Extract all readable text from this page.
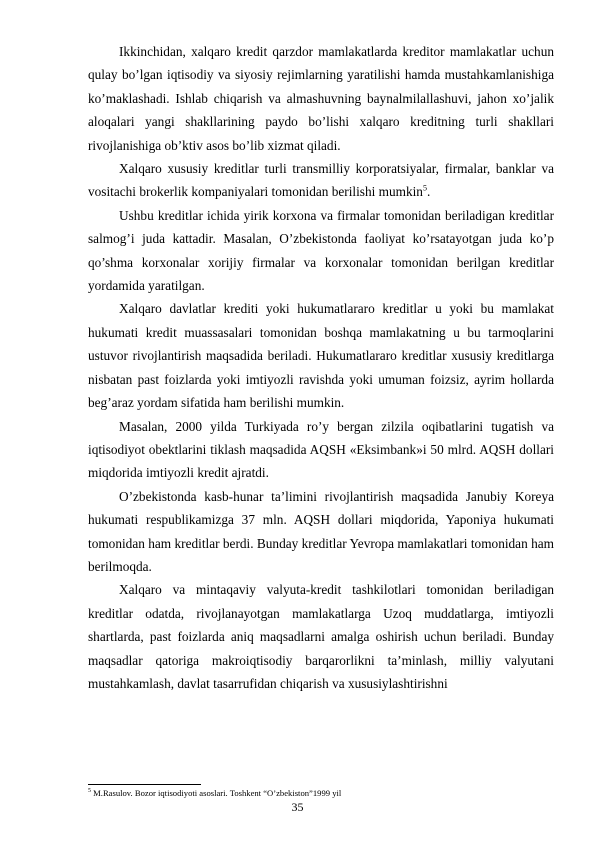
Ikkinchidan, xalqaro kredit qarzdor mamlakatlarda kreditor mamlakatlar uchun qulay bo’lgan iqtisodiy va siyosiy rejimlarning yaratilishi hamda mustahkamlanishiga ko’maklashadi. Ishlab chiqarish va almashuvning baynalmilallashuvi, jahon xo’jalik aloqalari yangi shakllarining paydo bo’lishi xalqaro kreditning turli shakllari rivojlanishiga ob’ktiv asos bo’lib xizmat qiladi.

Xalqaro xususiy kreditlar turli transmilliy korporatsiyalar, firmalar, banklar va vositachi brokerlik kompaniyalari tomonidan berilishi mumkin$^5$.

Ushbu kreditlar ichida yirik korxona va firmalar tomonidan beriladigan kreditlar salmog’i juda kattadir. Masalan, O’zbekistonda faoliyat ko’rsatayotgan juda ko’p qo’shma korxonalar xorijiy firmalar va korxonalar tomonidan berilgan kreditlar yordamida yaratilgan.

Xalqaro davlatlar krediti yoki hukumatlararo kreditlar u yoki bu mamlakat hukumati kredit muassasalari tomonidan boshqa mamlakatning u bu tarmoqlarini ustuvor rivojlantirish maqsadida beriladi. Hukumatlararo kreditlar xususiy kreditlarga nisbatan past foizlarda yoki imtiyozli ravishda yoki umuman foizsiz, ayrim hollarda beg’araz yordam sifatida ham berilishi mumkin.

Masalan, 2000 yilda Turkiyada ro’y bergan zilzila oqibatlarini tugatish va iqtisodiyot obektlarini tiklash maqsadida AQSH «Eksimbank»i 50 mlrd. AQSH dollari miqdorida imtiyozli kredit ajratdi.

O’zbekistonda kasb-hunar ta’limini rivojlantirish maqsadida Janubiy Koreya hukumati respublikamizga 37 mln. AQSH dollari miqdorida, Yaponiya hukumati tomonidan ham kreditlar berdi. Bunday kreditlar Yevropa mamlakatlari tomonidan ham berilmoqda.

Xalqaro va mintaqaviy valyuta-kredit tashkilotlari tomonidan beriladigan kreditlar odatda, rivojlanayotgan mamlakatlarga Uzoq muddatlarga, imtiyozli shartlarda, past foizlarda aniq maqsadlarni amalga oshirish uchun beriladi. Bunday maqsadlar qatoriga makroiqtisodiy barqarorlikni ta’minlash, milliy valyutani mustahkamlash, davlat tasarrufidan chiqarish va xususiylashtirishni

$^5$ M.Rasulov. Bozor iqtisodiyoti asoslari. Toshkent “O’zbekiston”1999 yil

35
